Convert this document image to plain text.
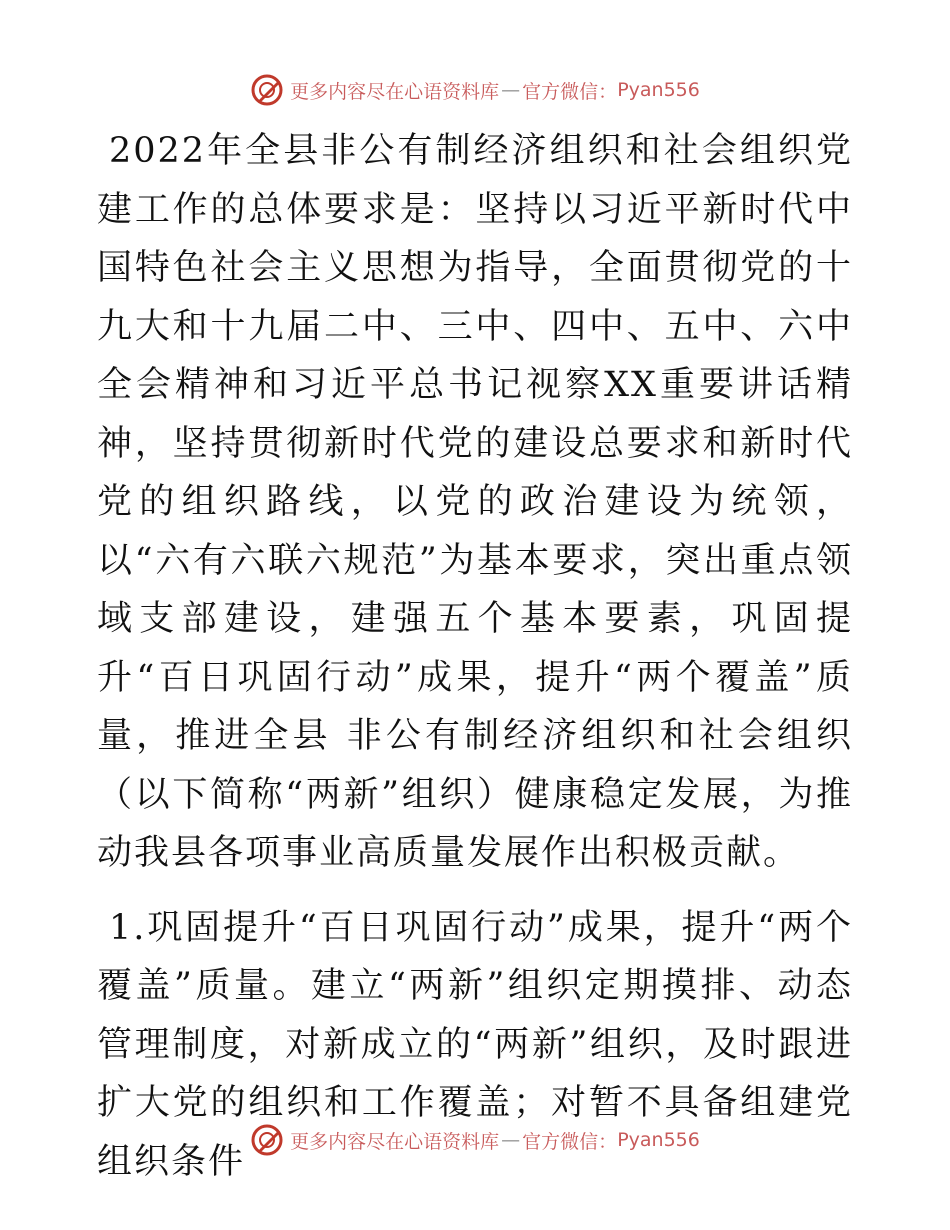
更多内容尽在心语资料库 — 官方微信： Pyan556

2022年全县非公有制经济组织和社会组织党建工作的总体要求是：坚持以习近平新时代中国特色社会主义思想为指导，全面贯彻党的十九大和十九届二中、三中、四中、五中、六中全会精神和习近平总书记视察XX重要讲话精神，坚持贯彻新时代党的建设总要求和新时代党的组织路线，以党的政治建设为统领，以“六有六联六规范”为基本要求，突出重点领域支部建设，建强五个基本要素，巩固提升“百日巩固行动”成果，提升“两个覆盖”质量，推进全县 非公有制经济组织和社会组织（以下简称“两新”组织）健康稳定发展，为推动我县各项事业高质量发展作出积极贡献。

1.巩固提升“百日巩固行动”成果，提升“两个覆盖”质量。建立“两新”组织定期摸排、动态管理制度，对新成立的“两新”组织，及时跟进扩大党的组织和工作覆盖；对暂不具备组建党组织条件	更多内容尽在心语资料库 — 官方微信： Pyan556
